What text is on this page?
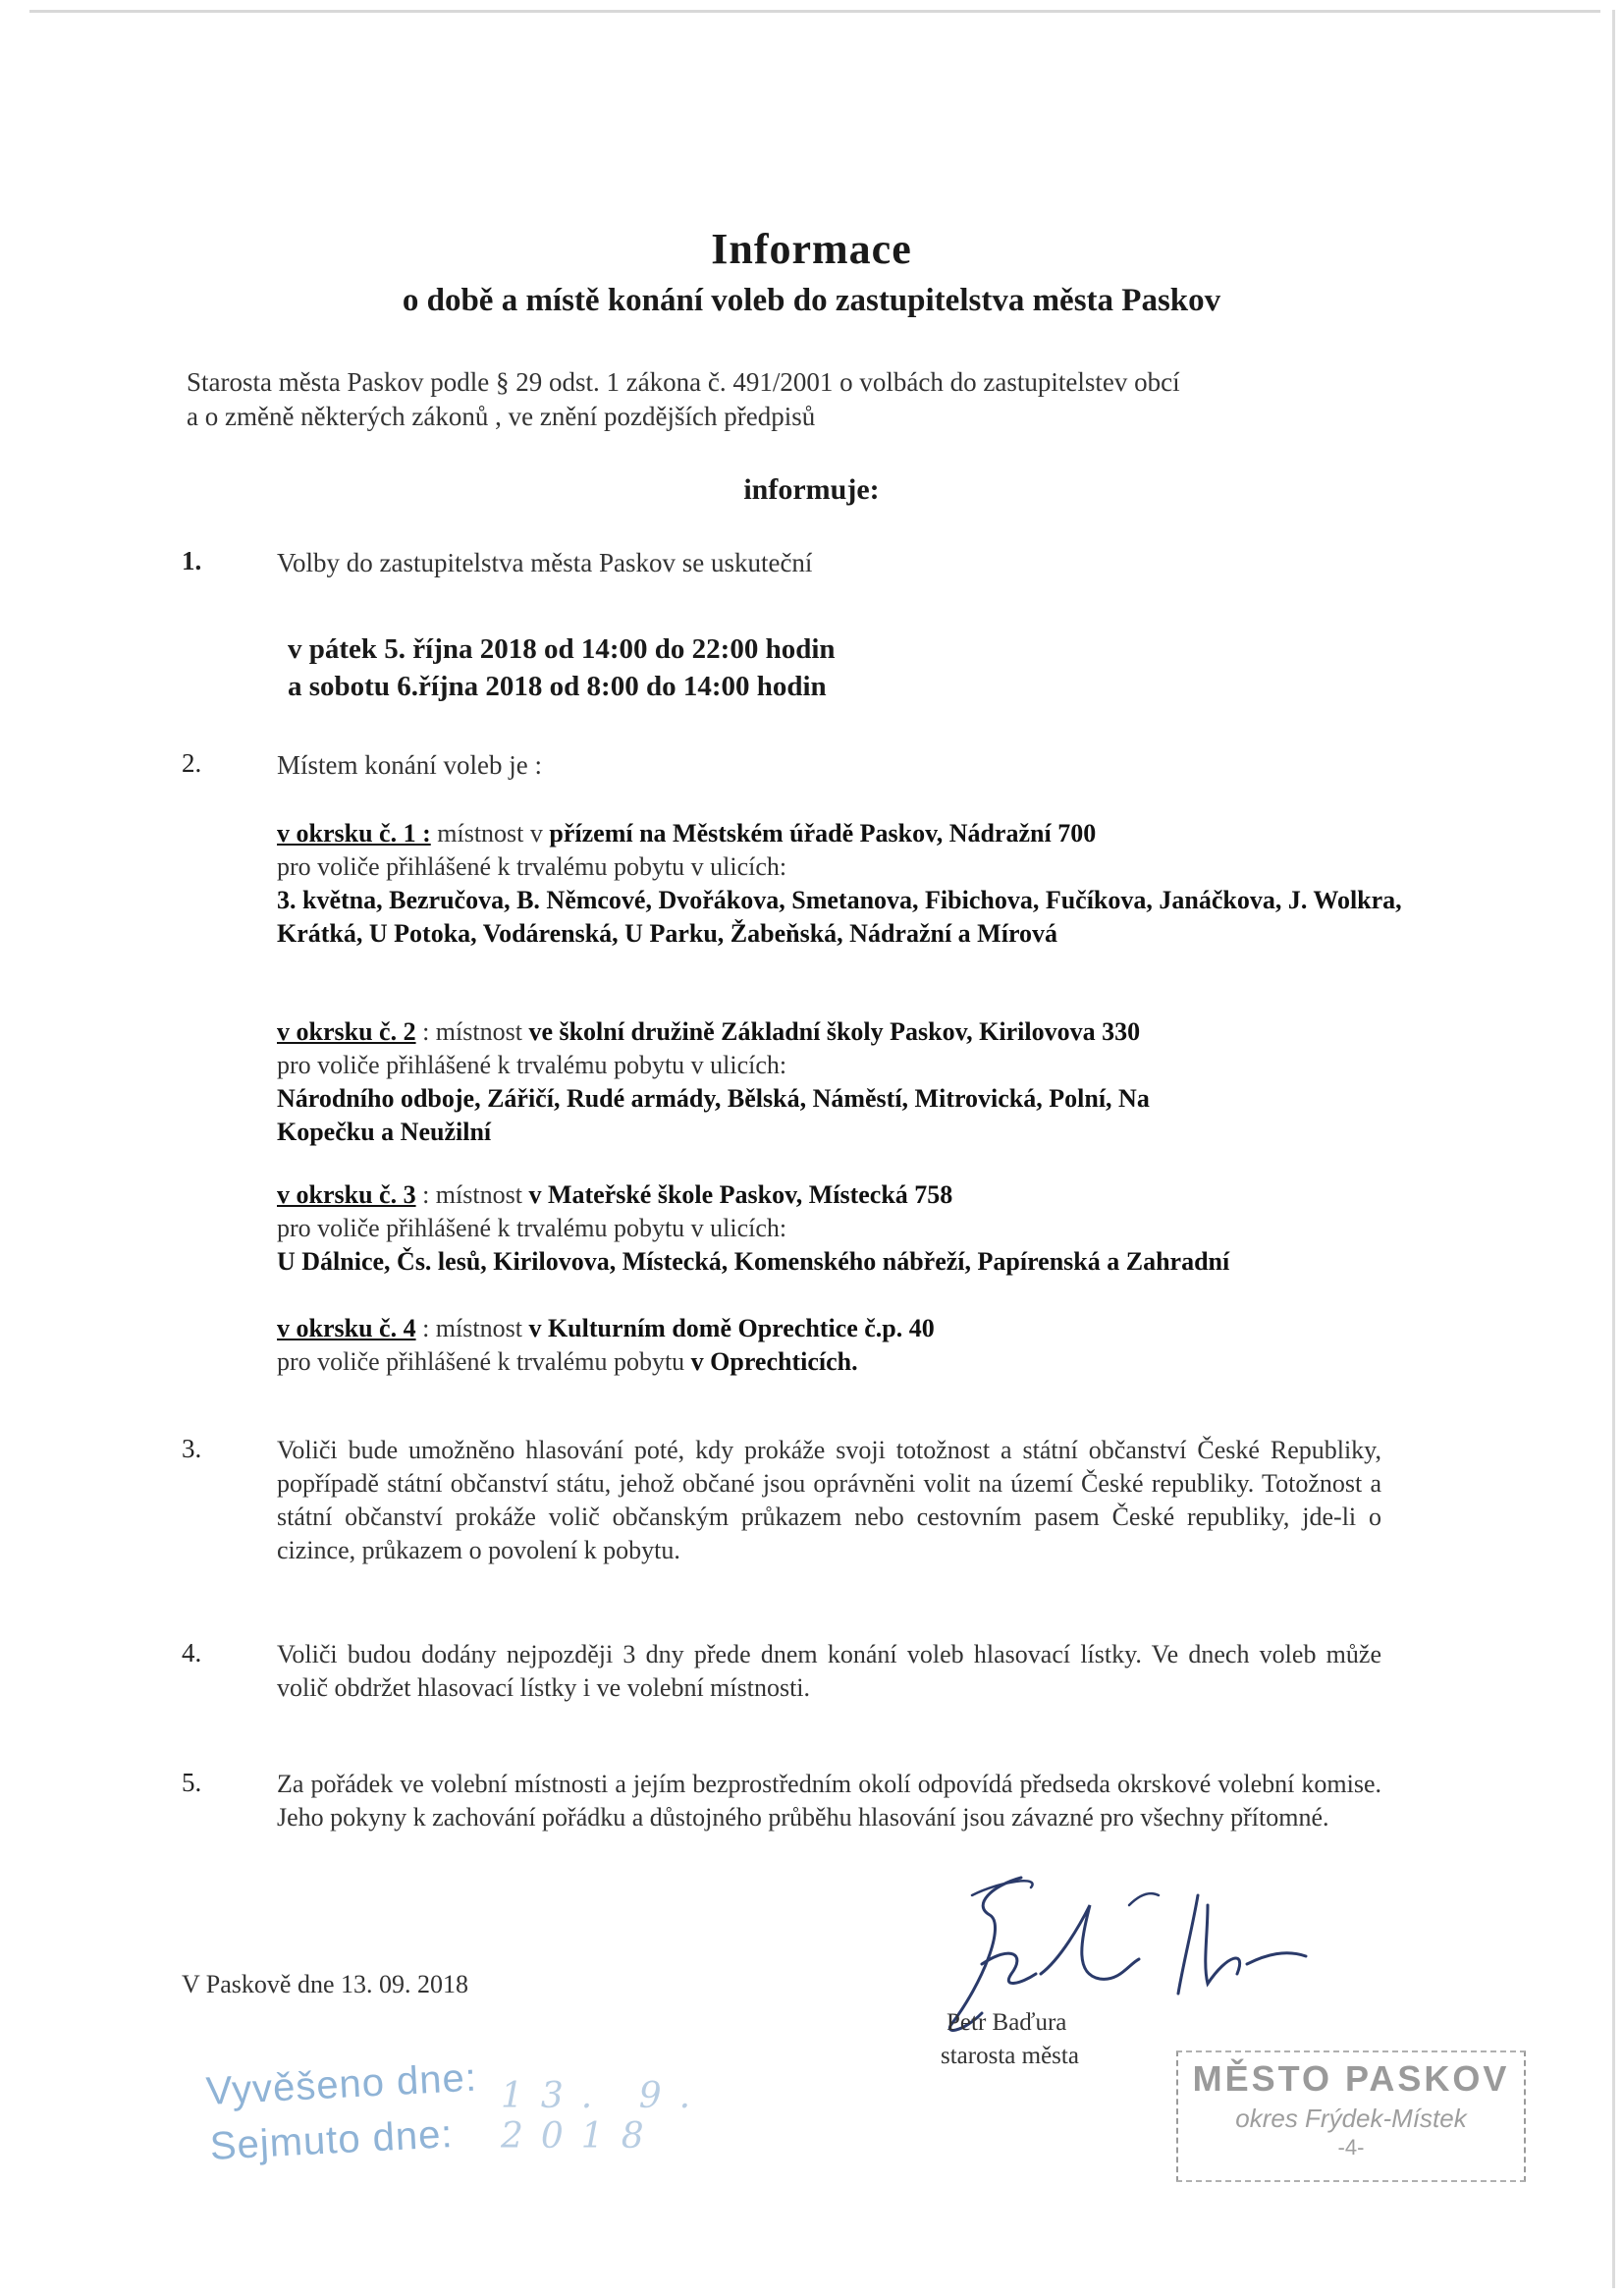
Informace
o době a místě konání voleb do zastupitelstva města Paskov
Starosta města Paskov podle § 29 odst. 1 zákona č. 491/2001 o volbách do zastupitelstev obcí
a o změně některých zákonů , ve znění pozdějších předpisů
informuje:
1.	Volby do zastupitelstva města Paskov se uskuteční
v pátek 5. října 2018 od 14:00 do 22:00 hodin
a sobotu 6.října 2018 od 8:00 do 14:00 hodin
2.	Místem konání voleb je :
v okrsku č. 1 : místnost v přízemí na Městském úřadě Paskov, Nádražní 700
pro voliče přihlášené k trvalému pobytu v ulicích:
3. května, Bezručova, B. Němcové, Dvořákova, Smetanova, Fibichova, Fučíkova, Janáčkova, J. Wolkra, Krátká, U Potoka, Vodárenská, U Parku, Žabeňská, Nádražní a Mírová
v okrsku č. 2 : místnost ve školní družině Základní školy Paskov, Kirilovova 330
pro voliče přihlášené k trvalému pobytu v ulicích:
Národního odboje, Zářičí, Rudé armády, Bělská, Náměstí, Mitrovická, Polní, Na Kopečku a Neužilní
v okrsku č. 3 : místnost v Mateřské škole Paskov, Místecká 758
pro voliče přihlášené k trvalému pobytu v ulicích:
U Dálnice, Čs. lesů, Kirilovova, Místecká, Komenského nábřeží, Papírenská a Zahradní
v okrsku č. 4 : místnost v Kulturním domě Oprechtice č.p. 40
pro voliče přihlášené k trvalému pobytu v Oprechticích.
3.	Voliči bude umožněno hlasování poté, kdy prokáže svoji totožnost a státní občanství České Republiky, popřípadě státní občanství státu, jehož občané jsou oprávněni volit na území České republiky. Totožnost a státní občanství prokáže volič občanským průkazem nebo cestovním pasem České republiky, jde-li o cizince, průkazem o povolení k pobytu.
4.	Voliči budou dodány nejpozději 3 dny přede dnem konání voleb hlasovací lístky. Ve dnech voleb může volič obdržet hlasovací lístky i ve volební místnosti.
5.	Za pořádek ve volební místnosti a jejím bezprostředním okolí odpovídá předseda okrskové volební komise. Jeho pokyny k zachování pořádku a důstojného průběhu hlasování jsou závazné pro všechny přítomné.
V Paskově dne 13. 09. 2018
Petr Baďura
starosta města
Vyvěšeno dne: 13. 9. 2018
Sejmuto dne:
MĚSTO PASKOV
okres Frýdek-Místek
-4-
